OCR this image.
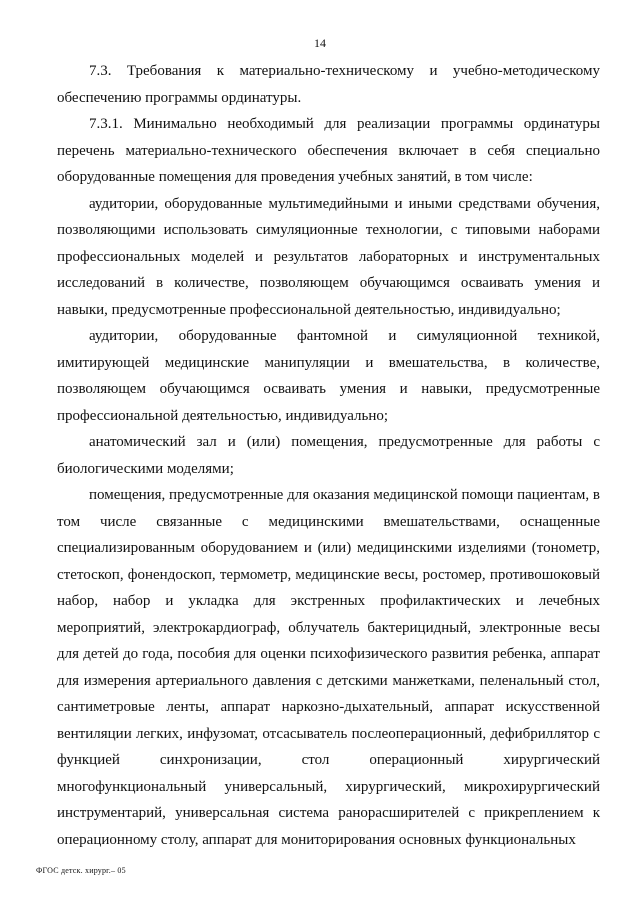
14

7.3. Требования к материально-техническому и учебно-методическому обеспечению программы ординатуры.

7.3.1. Минимально необходимый для реализации программы ординатуры перечень материально-технического обеспечения включает в себя специально оборудованные помещения для проведения учебных занятий, в том числе:

аудитории, оборудованные мультимедийными и иными средствами обучения, позволяющими использовать симуляционные технологии, с типовыми наборами профессиональных моделей и результатов лабораторных и инструментальных исследований в количестве, позволяющем обучающимся осваивать умения и навыки, предусмотренные профессиональной деятельностью, индивидуально;

аудитории, оборудованные фантомной и симуляционной техникой, имитирующей медицинские манипуляции и вмешательства, в количестве, позволяющем обучающимся осваивать умения и навыки, предусмотренные профессиональной деятельностью, индивидуально;

анатомический зал и (или) помещения, предусмотренные для работы с биологическими моделями;

помещения, предусмотренные для оказания медицинской помощи пациентам, в том числе связанные с медицинскими вмешательствами, оснащенные специализированным оборудованием и (или) медицинскими изделиями (тонометр, стетоскоп, фонендоскоп, термометр, медицинские весы, ростомер, противошоковый набор, набор и укладка для экстренных профилактических и лечебных мероприятий, электрокардиограф, облучатель бактерицидный, электронные весы для детей до года, пособия для оценки психофизического развития ребенка, аппарат для измерения артериального давления с детскими манжетками, пеленальный стол, сантиметровые ленты, аппарат наркозно-дыхательный, аппарат искусственной вентиляции легких, инфузомат, отсасыватель послеоперационный, дефибриллятор с функцией синхронизации, стол операционный хирургический многофункциональный универсальный, хирургический, микрохирургический инструментарий, универсальная система ранорасширителей с прикреплением к операционному столу, аппарат для мониторирования основных функциональных

ФГОС детск. хирург.– 05
